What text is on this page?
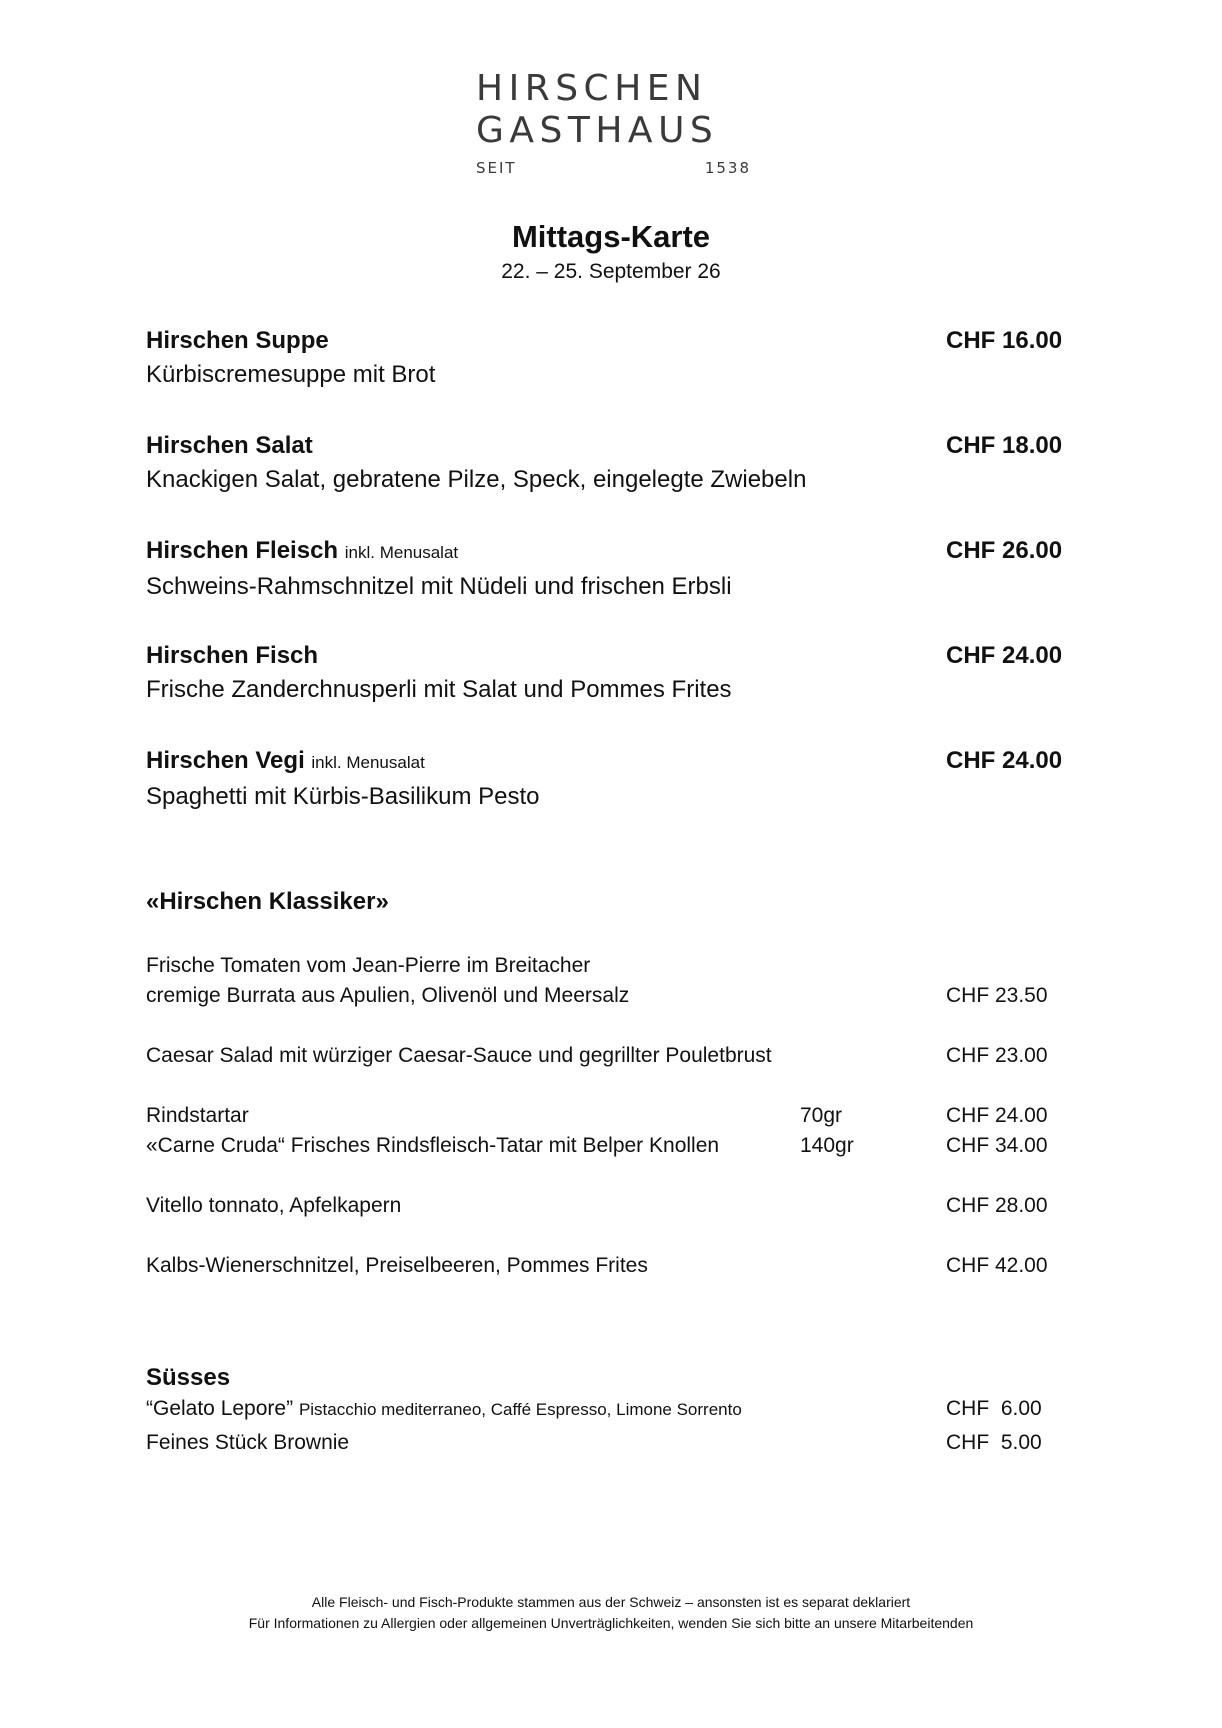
HIRSCHEN
GASTHAUS
SEIT	1538
Mittags-Karte
22. – 25. September 26
Hirschen Suppe	CHF 16.00
Kürbiscremesuppe mit Brot
Hirschen Salat	CHF 18.00
Knackigen Salat, gebratene Pilze, Speck, eingelegte Zwiebeln
Hirschen Fleisch inkl. Menusalat	CHF 26.00
Schweins-Rahmschnitzel mit Nüdeli und frischen Erbsli
Hirschen Fisch	CHF 24.00
Frische Zanderchnusperli mit Salat und Pommes Frites
Hirschen Vegi inkl. Menusalat	CHF 24.00
Spaghetti mit Kürbis-Basilikum Pesto
«Hirschen Klassiker»
Frische Tomaten vom Jean-Pierre im Breitacher
cremige Burrata aus Apulien, Olivenöl und Meersalz	CHF 23.50
Caesar Salad mit würziger Caesar-Sauce und gegrillter Pouletbrust	CHF 23.00
Rindstartar	70gr	CHF 24.00
«Carne Cruda“ Frisches Rindsfleisch-Tatar mit Belper Knollen	140gr	CHF 34.00
Vitello tonnato, Apfelkapern	CHF 28.00
Kalbs-Wienerschnitzel, Preiselbeeren, Pommes Frites	CHF 42.00
Süsses
“Gelato Lepore” Pistacchio mediterraneo, Caffé Espresso, Limone Sorrento	CHF  6.00
Feines Stück Brownie	CHF  5.00
Alle Fleisch- und Fisch-Produkte stammen aus der Schweiz – ansonsten ist es separat deklariert
Für Informationen zu Allergien oder allgemeinen Unverträglichkeiten, wenden Sie sich bitte an unsere Mitarbeitenden
